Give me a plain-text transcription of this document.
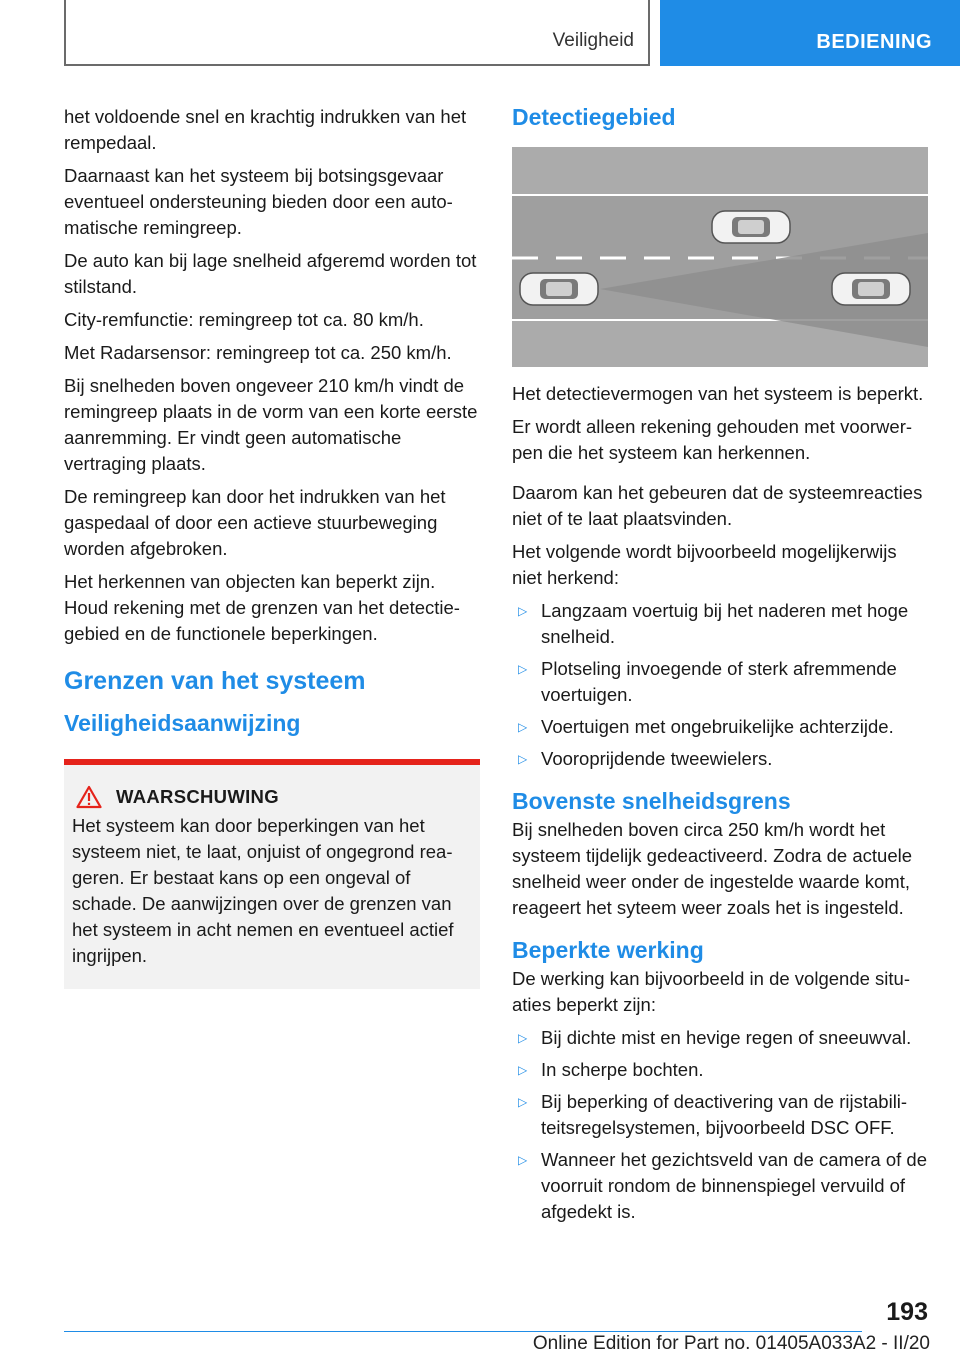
Veiligheid	BEDIENING

het voldoende snel en krachtig indrukken van het rempedaal.

Daarnaast kan het systeem bij botsingsgevaar eventueel ondersteuning bieden door een automatische remingreep.

De auto kan bij lage snelheid afgeremd worden tot stilstand.

City-remfunctie: remingreep tot ca. 80 km/h.

Met Radarsensor: remingreep tot ca. 250 km/h.

Bij snelheden boven ongeveer 210 km/h vindt de remingreep plaats in de vorm van een korte eerste aanremming. Er vindt geen automatische vertraging plaats.

De remingreep kan door het indrukken van het gaspedaal of door een actieve stuurbeweging worden afgebroken.

Het herkennen van objecten kan beperkt zijn. Houd rekening met de grenzen van het detectiegebied en de functionele beperkingen.

Grenzen van het systeem
Veiligheidsaanwijzing
WAARSCHUWING

Het systeem kan door beperkingen van het systeem niet, te laat, onjuist of ongegrond reageren. Er bestaat kans op een ongeval of schade. De aanwijzingen over de grenzen van het systeem in acht nemen en eventueel actief ingrijpen.

Detectiegebied

Het detectievermogen van het systeem is beperkt.

Er wordt alleen rekening gehouden met voorwerpen die het systeem kan herkennen.

Daarom kan het gebeuren dat de systeemreacties niet of te laat plaatsvinden.

Het volgende wordt bijvoorbeeld mogelijkerwijs niet herkend:

▷ Langzaam voertuig bij het naderen met hoge snelheid.
▷ Plotseling invoegende of sterk afremmende voertuigen.
▷ Voertuigen met ongebruikelijke achterzijde.
▷ Vooroprijdende tweewielers.
Bovenste snelheidsgrens

Bij snelheden boven circa 250 km/h wordt het systeem tijdelijk gedeactiveerd. Zodra de actuele snelheid weer onder de ingestelde waarde komt, reageert het syteem weer zoals het is ingesteld.

Beperkte werking

De werking kan bijvoorbeeld in de volgende situaties beperkt zijn:

▷ Bij dichte mist en hevige regen of sneeuwval.
▷ In scherpe bochten.
▷ Bij beperking of deactivering van de rijstabiliteitsregelsystemen, bijvoorbeeld DSC OFF.
▷ Wanneer het gezichtsveld van de camera of de voorruit rondom de binnenspiegel vervuild of afgedekt is.
193
Online Edition for Part no. 01405A033A2 - II/20
